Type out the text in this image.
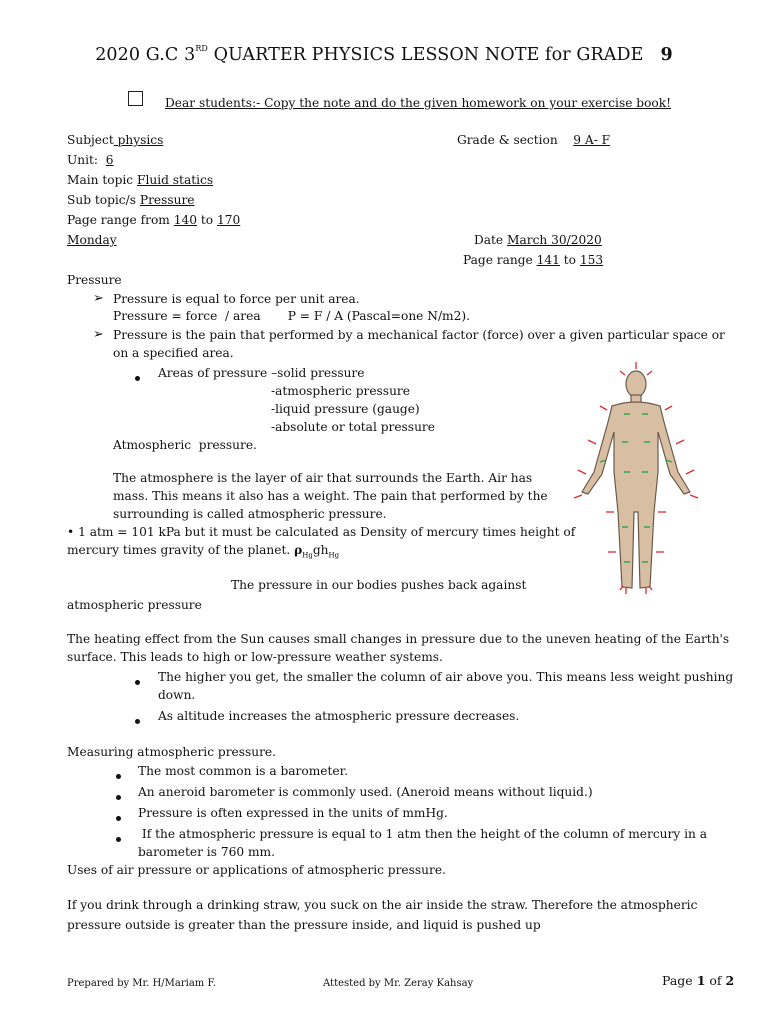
2020 G.C 3RD QUARTER PHYSICS LESSON NOTE for GRADE 9
Dear students:- Copy the note and do the given homework on your exercise book!
Subject physics	Grade & section 9 A- F
Unit: 6
Main topic Fluid statics
Sub topic/s Pressure
Page range from 140 to 170
Monday	Date March 30/2020
Page range 141 to 153
Pressure
➢ Pressure is equal to force per unit area.
Pressure = force  / area       P = F / A (Pascal=one N/m2).
➢ Pressure is the pain that performed by a mechanical factor (force) over a given particular space or
on a specified area.
Areas of pressure –solid pressure
-atmospheric pressure
-liquid pressure (gauge)
-absolute or total pressure
Atmospheric  pressure.
The atmosphere is the layer of air that surrounds the Earth. Air has
mass. This means it also has a weight. The pain that performed by the
surrounding is called atmospheric pressure.
• 1 atm = 101 kPa but it must be calculated as Density of mercury times height of
mercury times gravity of the planet. $\rho_{Hg}gh_{Hg}$
The pressure in our bodies pushes back against
atmospheric pressure
The heating effect from the Sun causes small changes in pressure due to the uneven heating of the Earth's
surface. This leads to high or low-pressure weather systems.
The higher you get, the smaller the column of air above you. This means less weight pushing
down.
As altitude increases the atmospheric pressure decreases.
Measuring atmospheric pressure.
The most common is a barometer.
An aneroid barometer is commonly used. (Aneroid means without liquid.)
Pressure is often expressed in the units of mmHg.
If the atmospheric pressure is equal to 1 atm then the height of the column of mercury in a
barometer is 760 mm.
Uses of air pressure or applications of atmospheric pressure.
If you drink through a drinking straw, you suck on the air inside the straw. Therefore the atmospheric
pressure outside is greater than the pressure inside, and liquid is pushed up
Prepared by Mr. H/Mariam F.	Attested by Mr. Zeray Kahsay	Page 1 of 2
